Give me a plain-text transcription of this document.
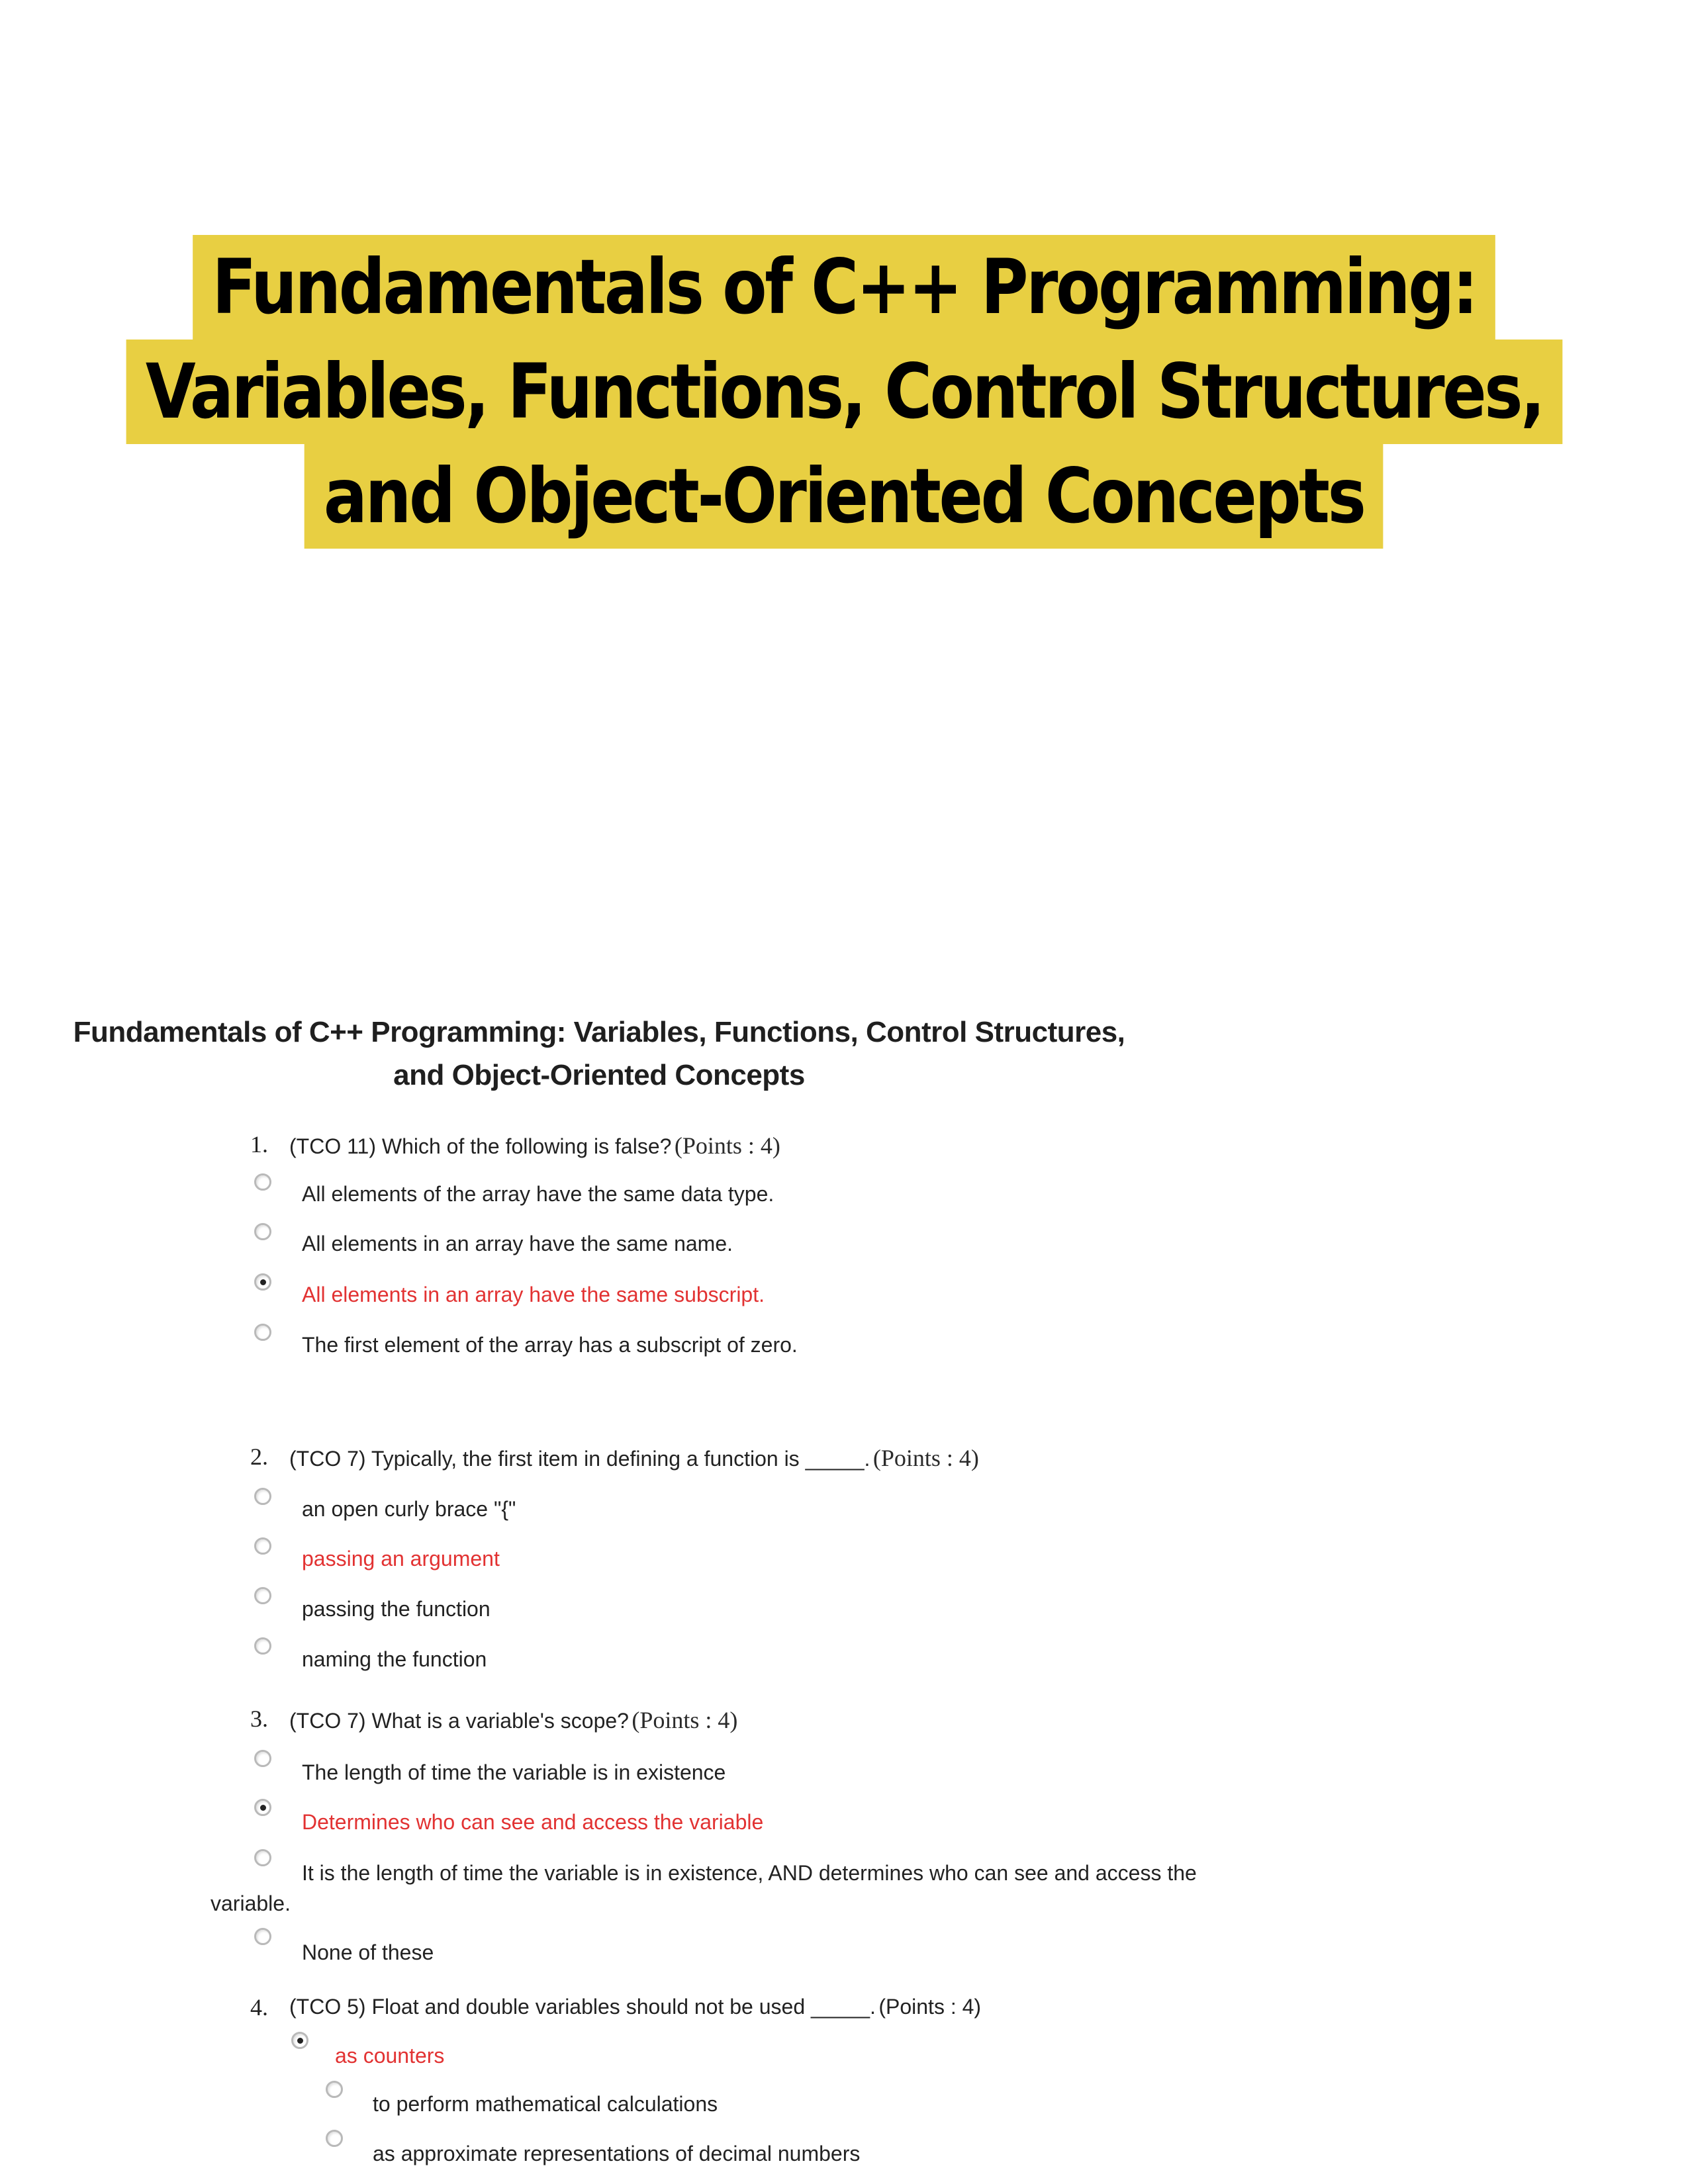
Fundamentals of C++ Programming:
Variables, Functions, Control Structures,
and Object-Oriented Concepts
Fundamentals of C++ Programming: Variables, Functions, Control Structures,
and Object-Oriented Concepts
1. (TCO 11) Which of the following is false? (Points : 4)
All elements of the array have the same data type.
All elements in an array have the same name.
All elements in an array have the same subscript.
The first element of the array has a subscript of zero.
2. (TCO 7) Typically, the first item in defining a function is _____. (Points : 4)
an open curly brace "{"
passing an argument
passing the function
naming the function
3. (TCO 7) What is a variable's scope? (Points : 4)
The length of time the variable is in existence
Determines who can see and access the variable
It is the length of time the variable is in existence, AND determines who can see and access the
variable.
None of these
4. (TCO 5) Float and double variables should not be used _____. (Points : 4)
as counters
to perform mathematical calculations
as approximate representations of decimal numbers
